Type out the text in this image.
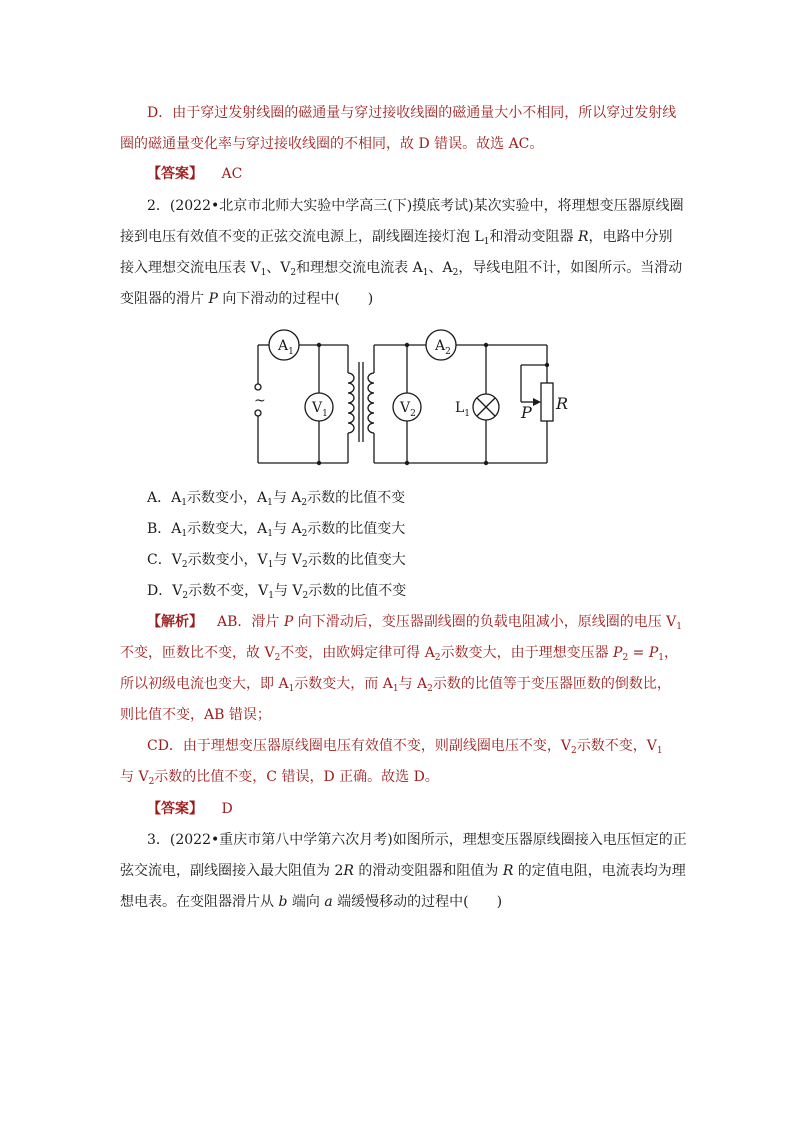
D．由于穿过发射线圈的磁通量与穿过接收线圈的磁通量大小不相同，所以穿过发射线
圈的磁通量变化率与穿过接收线圈的不相同，故 D 错误。故选 AC。
【答案】 AC
2．(2022•北京市北师大实验中学高三(下)摸底考试)某次实验中，将理想变压器原线圈
接到电压有效值不变的正弦交流电源上，副线圈连接灯泡 $L_1$和滑动变阻器 R，电路中分别
接入理想交流电压表 $V_1$、$V_2$和理想交流电流表 $A_1$、$A_2$，导线电阻不计，如图所示。当滑动
变阻器的滑片 P 向下滑动的过程中(　　)
$A_1$	$A_2$
$V_1$	$V_2$	$L_1$
~
P R
A．$A_1$示数变小，$A_1$与 $A_2$示数的比值不变
B．$A_1$示数变大，$A_1$与 $A_2$示数的比值变大
C．$V_2$示数变小，$V_1$与 $V_2$示数的比值变大
D．$V_2$示数不变，$V_1$与 $V_2$示数的比值不变
【解析】 AB．滑片 P 向下滑动后，变压器副线圈的负载电阻减小，原线圈的电压 $V_1$
不变，匝数比不变，故 $V_2$不变，由欧姆定律可得 $A_2$示数变大，由于理想变压器 $P_2 = P_1$，
所以初级电流也变大，即 $A_1$示数变大，而 $A_1$与 $A_2$示数的比值等于变压器匝数的倒数比，
则比值不变，AB 错误；
CD．由于理想变压器原线圈电压有效值不变，则副线圈电压不变，$V_2$示数不变，$V_1$
与 $V_2$示数的比值不变，C 错误，D 正确。故选 D。
【答案】 D
3．(2022•重庆市第八中学第六次月考)如图所示，理想变压器原线圈接入电压恒定的正
弦交流电，副线圈接入最大阻值为 2R 的滑动变阻器和阻值为 R 的定值电阻，电流表均为理
想电表。在变阻器滑片从 b 端向 a 端缓慢移动的过程中(　　)
